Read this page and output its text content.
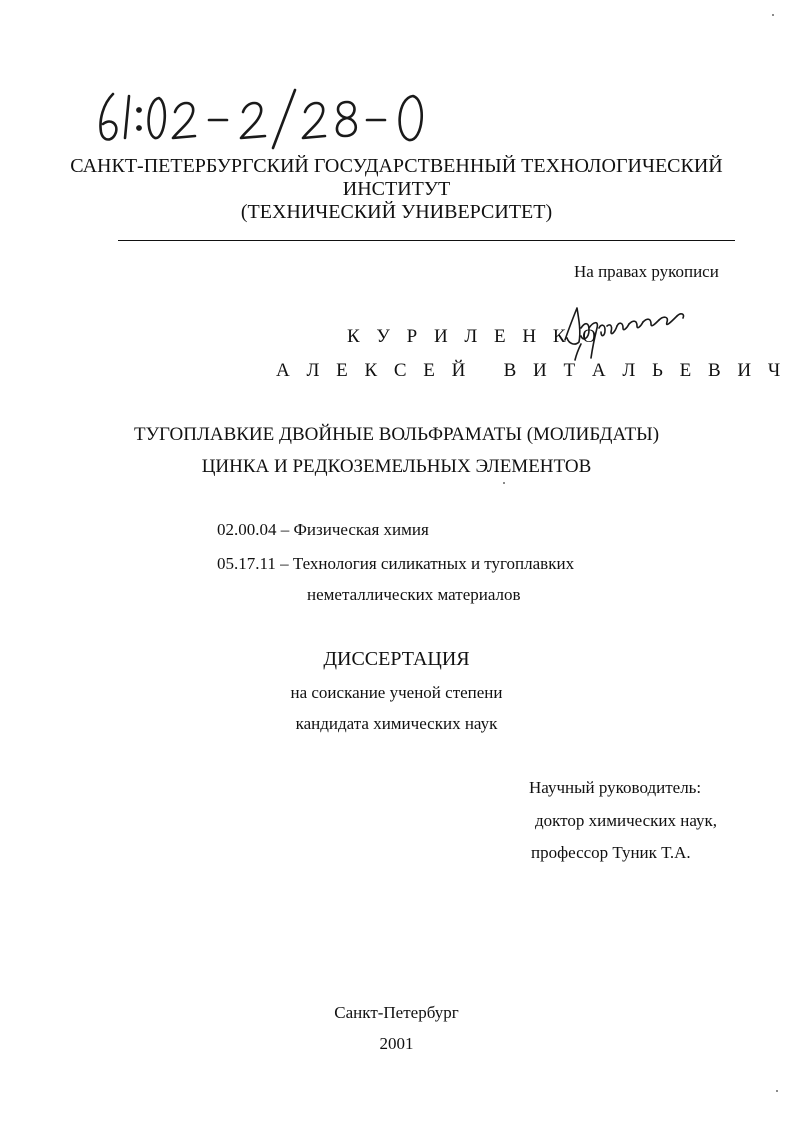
САНКТ-ПЕТЕРБУРГСКИЙ ГОСУДАРСТВЕННЫЙ ТЕХНОЛОГИЧЕСКИЙ
ИНСТИТУТ
(ТЕХНИЧЕСКИЙ УНИВЕРСИТЕТ)
На правах рукописи
К У Р И Л Е Н К О
А Л Е К С Е Й   В И Т А Л Ь Е В И Ч
ТУГОПЛАВКИЕ ДВОЙНЫЕ ВОЛЬФРАМАТЫ (МОЛИБДАТЫ)
ЦИНКА И РЕДКОЗЕМЕЛЬНЫХ ЭЛЕМЕНТОВ
02.00.04 – Физическая химия
05.17.11 – Технология силикатных и тугоплавких
неметаллических материалов
ДИССЕРТАЦИЯ
на соискание ученой степени
кандидата химических наук
Научный руководитель:
доктор химических наук,
профессор Туник Т.А.
Санкт-Петербург
2001
